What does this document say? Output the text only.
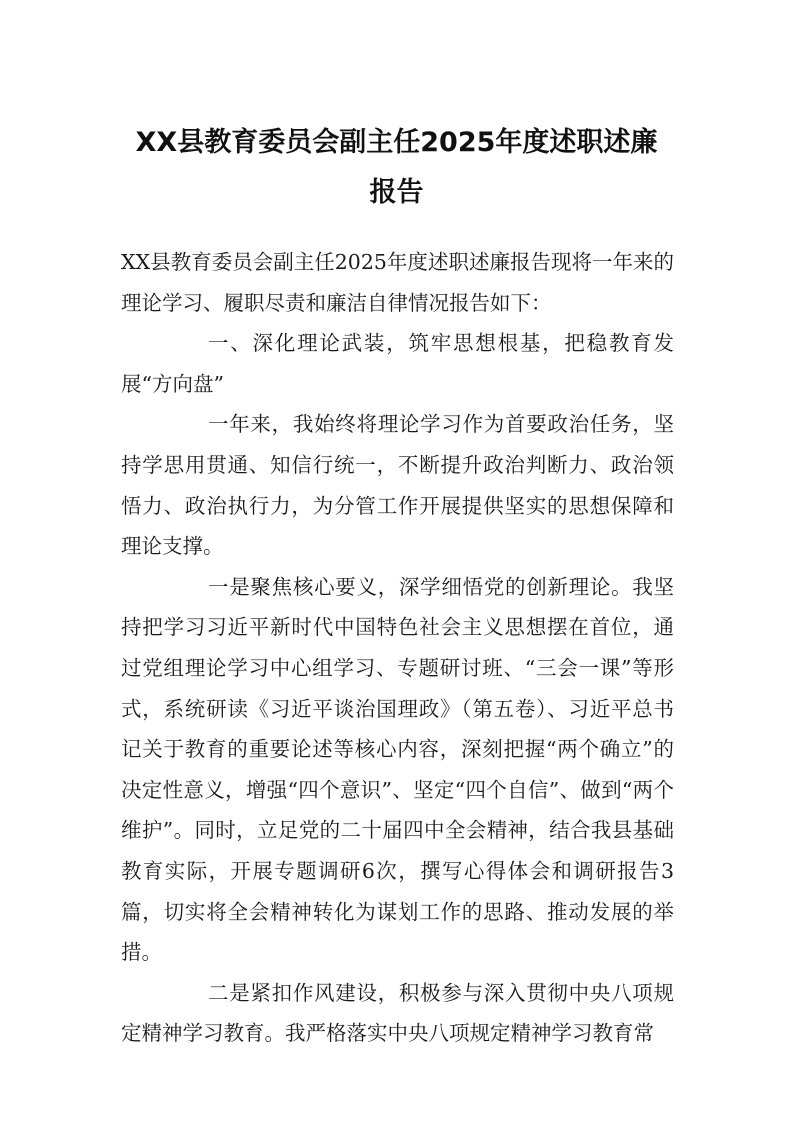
XX县教育委员会副主任2025年度述职述廉
报告

XX县教育委员会副主任2025年度述职述廉报告现将一年来的理论学习、履职尽责和廉洁自律情况报告如下：

一、深化理论武装，筑牢思想根基，把稳教育发展“方向盘”

一年来，我始终将理论学习作为首要政治任务，坚持学思用贯通、知信行统一，不断提升政治判断力、政治领悟力、政治执行力，为分管工作开展提供坚实的思想保障和理论支撑。

一是聚焦核心要义，深学细悟党的创新理论。我坚持把学习习近平新时代中国特色社会主义思想摆在首位，通过党组理论学习中心组学习、专题研讨班、“三会一课”等形式，系统研读《习近平谈治国理政》（第五卷）、习近平总书记关于教育的重要论述等核心内容，深刻把握“两个确立”的决定性意义，增强“四个意识”、坚定“四个自信”、做到“两个维护”。同时，立足党的二十届四中全会精神，结合我县基础教育实际，开展专题调研6次，撰写心得体会和调研报告3篇，切实将全会精神转化为谋划工作的思路、推动发展的举措。

二是紧扣作风建设，积极参与深入贯彻中央八项规定精神学习教育。我严格落实中央八项规定精神学习教育常
